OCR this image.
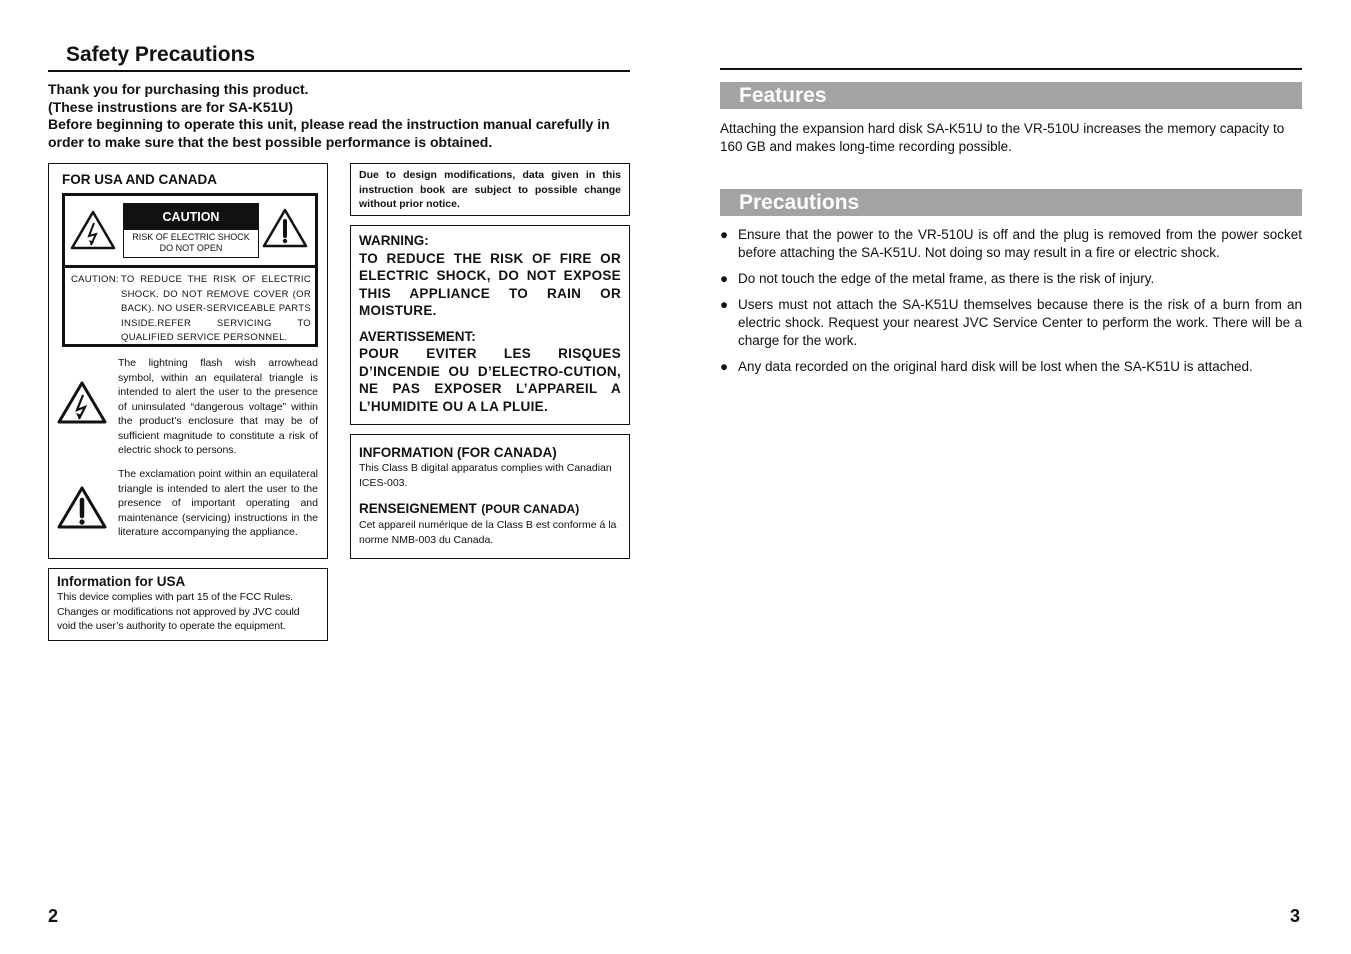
Safety Precautions
Thank you for purchasing this product.
(These instrustions are for SA-K51U)
Before beginning to operate this unit, please read the instruction manual carefully in order to make sure that the best possible performance is obtained.
FOR USA AND CANADA
CAUTION
RISK OF ELECTRIC SHOCK
DO NOT OPEN
CAUTION: TO REDUCE THE RISK OF ELECTRIC SHOCK. DO NOT REMOVE COVER (OR BACK). NO USER-SERVICEABLE PARTS INSIDE.REFER SERVICING TO QUALIFIED SERVICE PERSONNEL.
The lightning flash wish arrowhead symbol, within an equilateral triangle is intended to alert the user to the presence of uninsulated “dangerous voltage” within the product’s enclosure that may be of sufficient magnitude to constitute a risk of electric shock to persons.
The exclamation point within an equilateral triangle is intended to alert the user to the presence of important operating and maintenance (servicing) instructions in the literature accompanying the appliance.
Information for USA
This device complies with part 15 of the FCC Rules. Changes or modifications not approved by JVC could void the user’s authority to operate the equipment.
Due to design modifications, data given in this instruction book are subject to possible change without prior notice.
WARNING:
TO REDUCE THE RISK OF FIRE OR ELECTRIC SHOCK, DO NOT EXPOSE THIS APPLIANCE TO RAIN OR MOISTURE.
AVERTISSEMENT:
POUR EVITER LES RISQUES D’INCENDIE OU D’ELECTRO-CUTION, NE PAS EXPOSER L’APPAREIL A L’HUMIDITE OU A LA PLUIE.
INFORMATION (FOR CANADA)
This Class B digital apparatus complies with Canadian ICES-003.
RENSEIGNEMENT (POUR CANADA)
Cet appareil numérique de la Class B est conforme á la norme NMB-003 du Canada.
2
Features
Attaching the expansion hard disk SA-K51U to the VR-510U increases the memory capacity to 160 GB and makes long-time recording possible.
Precautions
● Ensure that the power to the VR-510U is off and the plug is removed from the power socket before attaching the SA-K51U. Not doing so may result in a fire or electric shock.
● Do not touch the edge of the metal frame, as there is the risk of injury.
● Users must not attach the SA-K51U themselves because there is the risk of a burn from an electric shock. Request your nearest JVC Service Center to perform the work. There will be a charge for the work.
● Any data recorded on the original hard disk will be lost when the SA-K51U is attached.
3
